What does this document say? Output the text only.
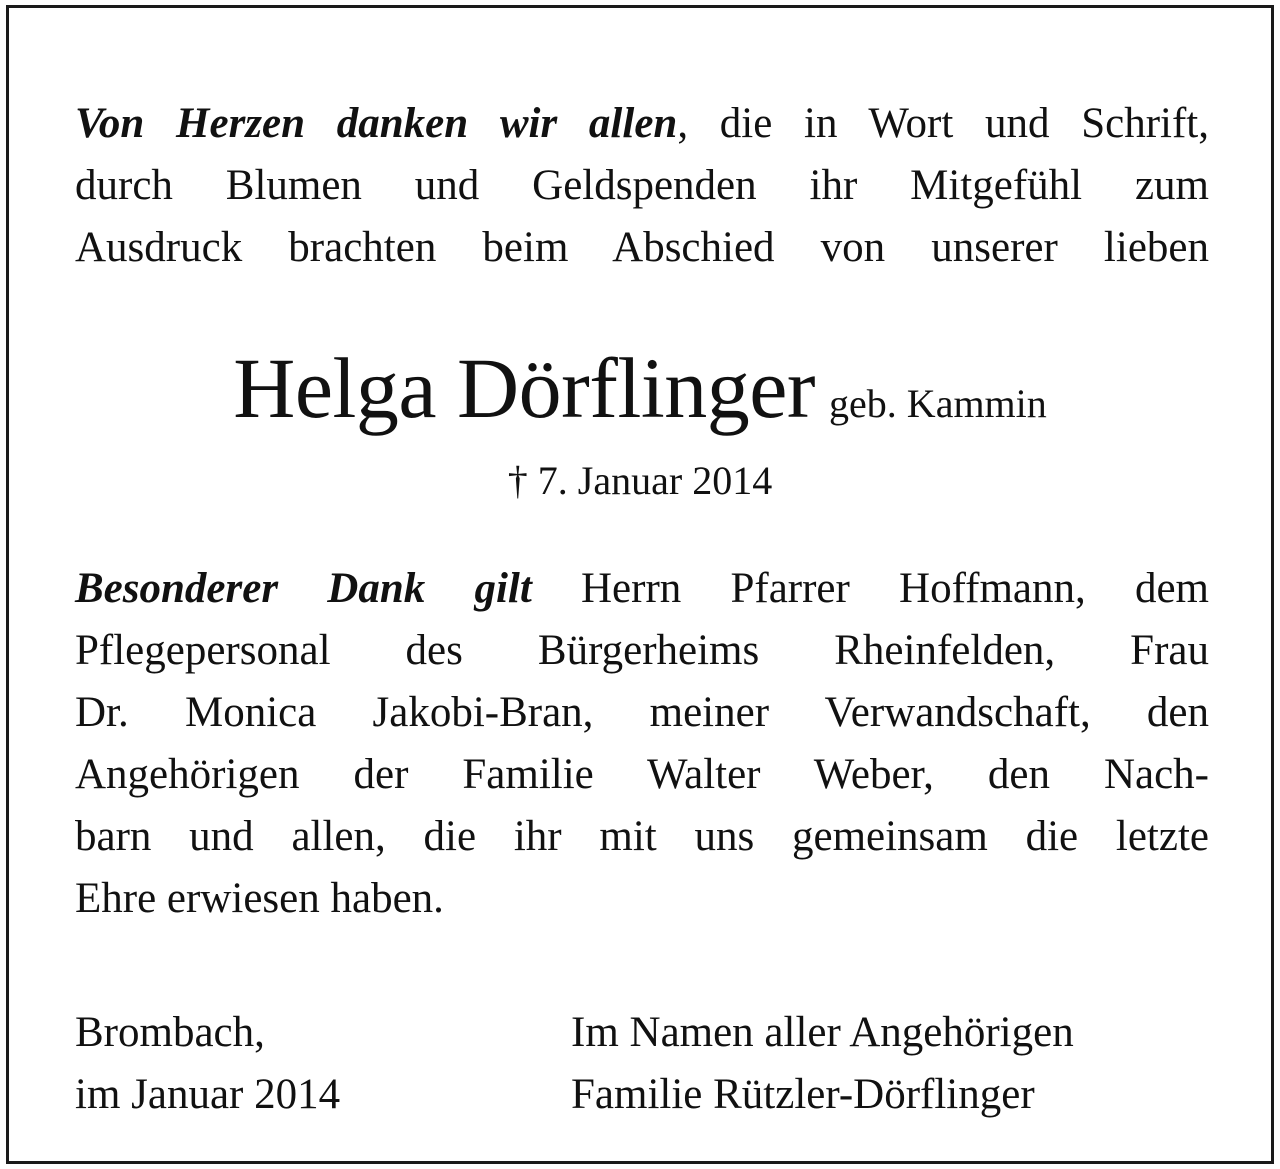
Von Herzen danken wir allen, die in Wort und Schrift,
durch Blumen und Geldspenden ihr Mitgefühl zum
Ausdruck brachten beim Abschied von unserer lieben
Helga Dörflinger geb. Kammin
† 7. Januar 2014
Besonderer Dank gilt Herrn Pfarrer Hoffmann, dem
Pflegepersonal des Bürgerheims Rheinfelden, Frau
Dr. Monica Jakobi-Bran, meiner Verwandschaft, den
Angehörigen der Familie Walter Weber, den Nach-
barn und allen, die ihr mit uns gemeinsam die letzte
Ehre erwiesen haben.
Brombach,
im Januar 2014
Im Namen aller Angehörigen
Familie Rützler-Dörflinger
